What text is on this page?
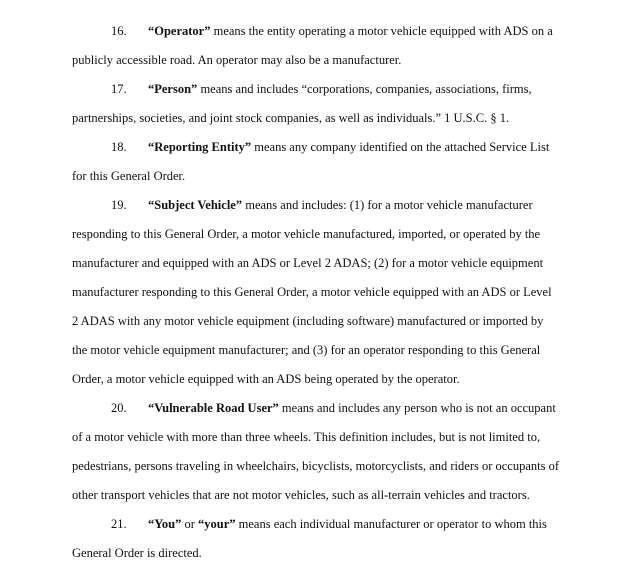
16. “Operator” means the entity operating a motor vehicle equipped with ADS on a
publicly accessible road. An operator may also be a manufacturer.
17. “Person” means and includes “corporations, companies, associations, firms,
partnerships, societies, and joint stock companies, as well as individuals.” 1 U.S.C. § 1.
18. “Reporting Entity” means any company identified on the attached Service List
for this General Order.
19. “Subject Vehicle” means and includes: (1) for a motor vehicle manufacturer
responding to this General Order, a motor vehicle manufactured, imported, or operated by the
manufacturer and equipped with an ADS or Level 2 ADAS; (2) for a motor vehicle equipment
manufacturer responding to this General Order, a motor vehicle equipped with an ADS or Level
2 ADAS with any motor vehicle equipment (including software) manufactured or imported by
the motor vehicle equipment manufacturer; and (3) for an operator responding to this General
Order, a motor vehicle equipped with an ADS being operated by the operator.
20. “Vulnerable Road User” means and includes any person who is not an occupant
of a motor vehicle with more than three wheels. This definition includes, but is not limited to,
pedestrians, persons traveling in wheelchairs, bicyclists, motorcyclists, and riders or occupants of
other transport vehicles that are not motor vehicles, such as all-terrain vehicles and tractors.
21. “You” or “your” means each individual manufacturer or operator to whom this
General Order is directed.
